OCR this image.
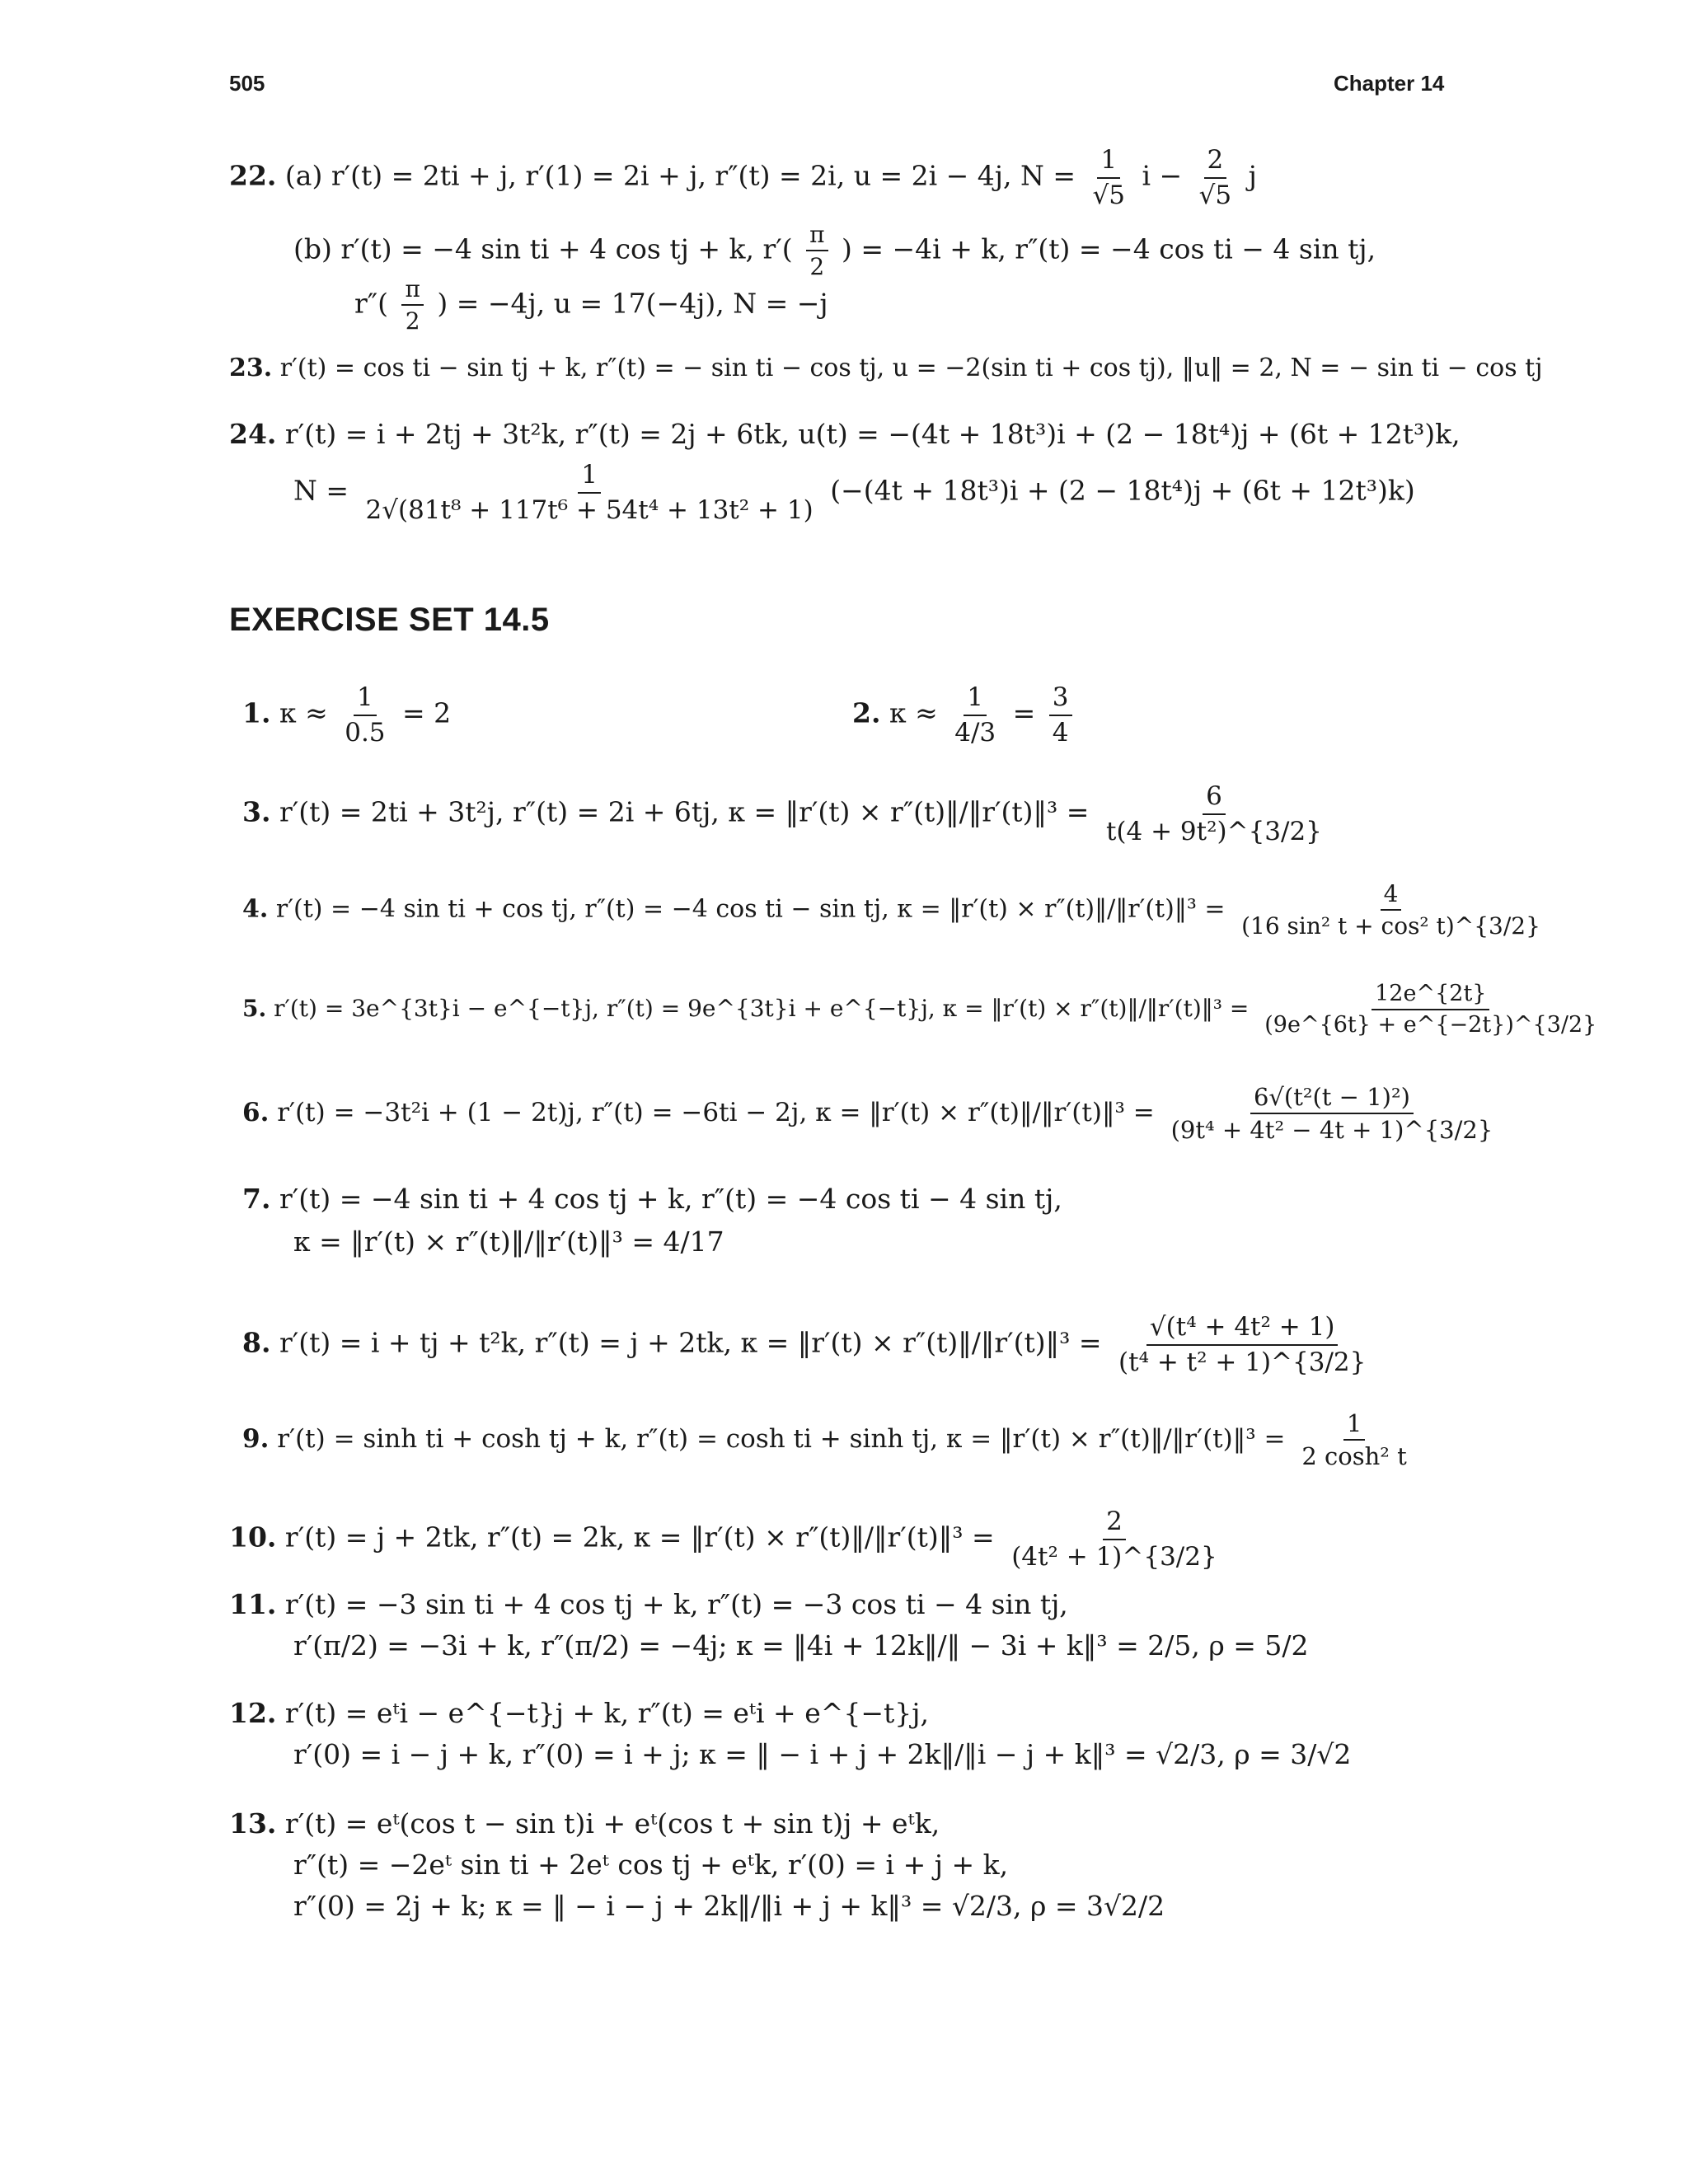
505	Chapter 14
22. (a) r′(t) = 2ti + j, r′(1) = 2i + j, r″(t) = 2i, u = 2i − 4j, $N = \frac{1}{√5}$ $i - \frac{2}{√5}$ j
(b) r′(t) = −4 sin ti + 4 cos tj + k, $r'( \frac{\pi}{2}$ ) = −4i + k, r″(t) = −4 cos ti − 4 sin tj,
$r''( \frac{\pi}{2}$ ) = −4j, u = 17(−4j), N = −j
23. r′(t) = cos ti − sin tj + k, r″(t) = − sin ti − cos tj, u = −2(sin ti + cos tj), ‖u‖ = 2, N = − sin ti − cos tj
24. r′(t) = i + 2tj + 3t²k, r″(t) = 2j + 6tk, u(t) = −(4t + 18t³)i + (2 − 18t⁴)j + (6t + 12t³)k,
$N = \frac{1}{\text{2√(81t⁸ + 117t⁶ + 54t⁴ + 13t² + 1)}} (-(4t + 18t^3)i + (2 - 18t^4)j + (6t + 12t^3)k)$
EXERCISE SET 14.5
1. $\kappa \approx \frac{1}{0.5} = 2$	2. $\kappa \approx \frac{1}{4/3} = \frac{3}{4}$
3. r′(t) = 2ti + 3t²j, r″(t) = 2i + 6tj, κ = ‖r′(t) × r″(t)‖/‖r′(t)‖³ = $\frac{6}{\text{t(4 + 9t²)\textasciicircum{}\{3/2\}}}$
4. r′(t) = −4 sin ti + cos tj, r″(t) = −4 cos ti − sin tj, κ = ‖r′(t) × r″(t)‖/‖r′(t)‖³ = $\frac{4}{\text{(16 sin² t + cos² t)\textasciicircum{}\{3/2\}}}$
5. r′(t) = 3e^{3t}i − e^{−t}j, r″(t) = 9e^{3t}i + e^{−t}j, κ = ‖r′(t) × r″(t)‖/‖r′(t)‖³ = $\frac{12e\^{}\{2t\}}{(9e\^{}\{6t\} + e\^{}\{-2t\})\^{}\{3/2\}}$
6. r′(t) = −3t²i + (1 − 2t)j, r″(t) = −6ti − 2j, κ = ‖r′(t) × r″(t)‖/‖r′(t)‖³ = $\frac{\text{6√(t²(t − 1)²)}}{\text{(9t⁴ + 4t² − 4t + 1)\textasciicircum{}\{3/2\}}}$
7. r′(t) = −4 sin ti + 4 cos tj + k, r″(t) = −4 cos ti − 4 sin tj,
κ = ‖r′(t) × r″(t)‖/‖r′(t)‖³ = 4/17
8. r′(t) = i + tj + t²k, r″(t) = j + 2tk, κ = ‖r′(t) × r″(t)‖/‖r′(t)‖³ = $\frac{\text{√(t⁴ + 4t² + 1)}}{\text{(t⁴ + t² + 1)\textasciicircum{}\{3/2\}}}$
9. r′(t) = sinh ti + cosh tj + k, r″(t) = cosh ti + sinh tj, κ = ‖r′(t) × r″(t)‖/‖r′(t)‖³ = $\frac{1}{\text{2 cosh² t}}$
10. r′(t) = j + 2tk, r″(t) = 2k, κ = ‖r′(t) × r″(t)‖/‖r′(t)‖³ = $\frac{2}{\text{(4t² + 1)\textasciicircum{}\{3/2\}}}$
11. r′(t) = −3 sin ti + 4 cos tj + k, r″(t) = −3 cos ti − 4 sin tj,
r′(π/2) = −3i + k, r″(π/2) = −4j; κ = ‖4i + 12k‖/‖ − 3i + k‖³ = 2/5, ρ = 5/2
12. r′(t) = eᵗi − e^{−t}j + k, r″(t) = eᵗi + e^{−t}j,
r′(0) = i − j + k, r″(0) = i + j; κ = ‖ − i + j + 2k‖/‖i − j + k‖³ = √2/3, ρ = 3/√2
13. r′(t) = eᵗ(cos t − sin t)i + eᵗ(cos t + sin t)j + eᵗk,
r″(t) = −2eᵗ sin ti + 2eᵗ cos tj + eᵗk, r′(0) = i + j + k,
r″(0) = 2j + k; κ = ‖ − i − j + 2k‖/‖i + j + k‖³ = √2/3, ρ = 3√2/2
